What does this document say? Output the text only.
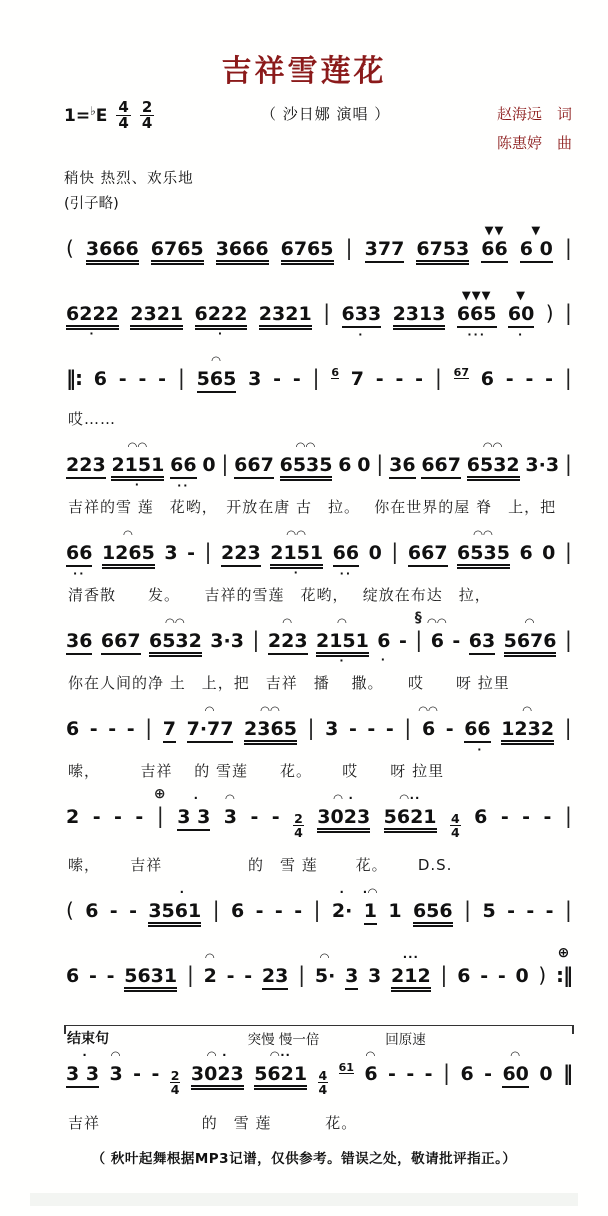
吉祥雪莲花
1= ♭ E $\frac{4}{4} \frac{2}{4}$	（ 沙日娜 演唱 ）	赵海远　 词
陈惠婷　 曲
稍快 热烈、欢乐地
(引子略)
( 3666 6765 3666 6765 | 377 6753 66
▼▼
6 0
▼
|
6222
·
2321 6222
·
2321 | 633
·
2313 665
▼▼▼
···
60
▼
·
) |
‖: 6 - - - | 565
◠
3 - - | 6 7 - - - | 67 6 - - - |
哎……
223 2151
◠◠
·
66
··
0 | 667 6535
◠◠
6 0 | 36 667 6532
◠◠
3·3 |
吉祥的雪 莲　花哟，　开放在唐 古　拉。　 你在世界的屋 脊　上，把
66
··
1265
◠
3 - | 223 2151
◠◠
·
66
··
0 | 667 6535
◠◠
6 0 |
清香散　　发。　　吉祥的雪莲　花哟，　 绽放在布达　拉，
36 667 6532
◠◠
3·3 | 223
◠
2151
◠
·
6
·
- |
§
6
◠◠
- 63 5676
◠
|
你在人间的净 土　上，把　吉祥　播 　撒。　　哎　　呀 拉里
6 - - - | 7 7·77
◠
2365
◠◠
| 3 - - - | 6
◠◠
- 66
·
1232
◠
|
嗦，　　　吉祥　 的 雪莲　　花。　　 哎　　呀 拉里
2 - - - |
⊕
3 3
·
3
◠
- - $\frac{2}{4} 3023$
◠ ·
5621
◠··
$\frac{4}{4} 6$ - - - |
嗦，　　 吉祥　　　　　 的　雪 莲　　 花。　　 D.S.
( 6 - - 3561
·
| 6 - - - | 2·
·
1
·◠
1 656 | 5 - - - |
6 - - 5631 | 2
◠
- - 23 | 5·
◠
3 3 212
···
| 6 - - 0 ) :‖
⊕
结束句	突慢 慢一倍	回原速
3 3
·
3
◠
- - $\frac{2}{4} 3023$
◠ ·
5621
◠··
$\frac{4}{4}$
61 6
◠
- - - | 6 - 60
◠
0 ‖
吉祥　　　　　　 的　雪 莲　　　 花。
（ 秋叶起舞根据MP3记谱，仅供参考。错误之处，敬请批评指正。）
